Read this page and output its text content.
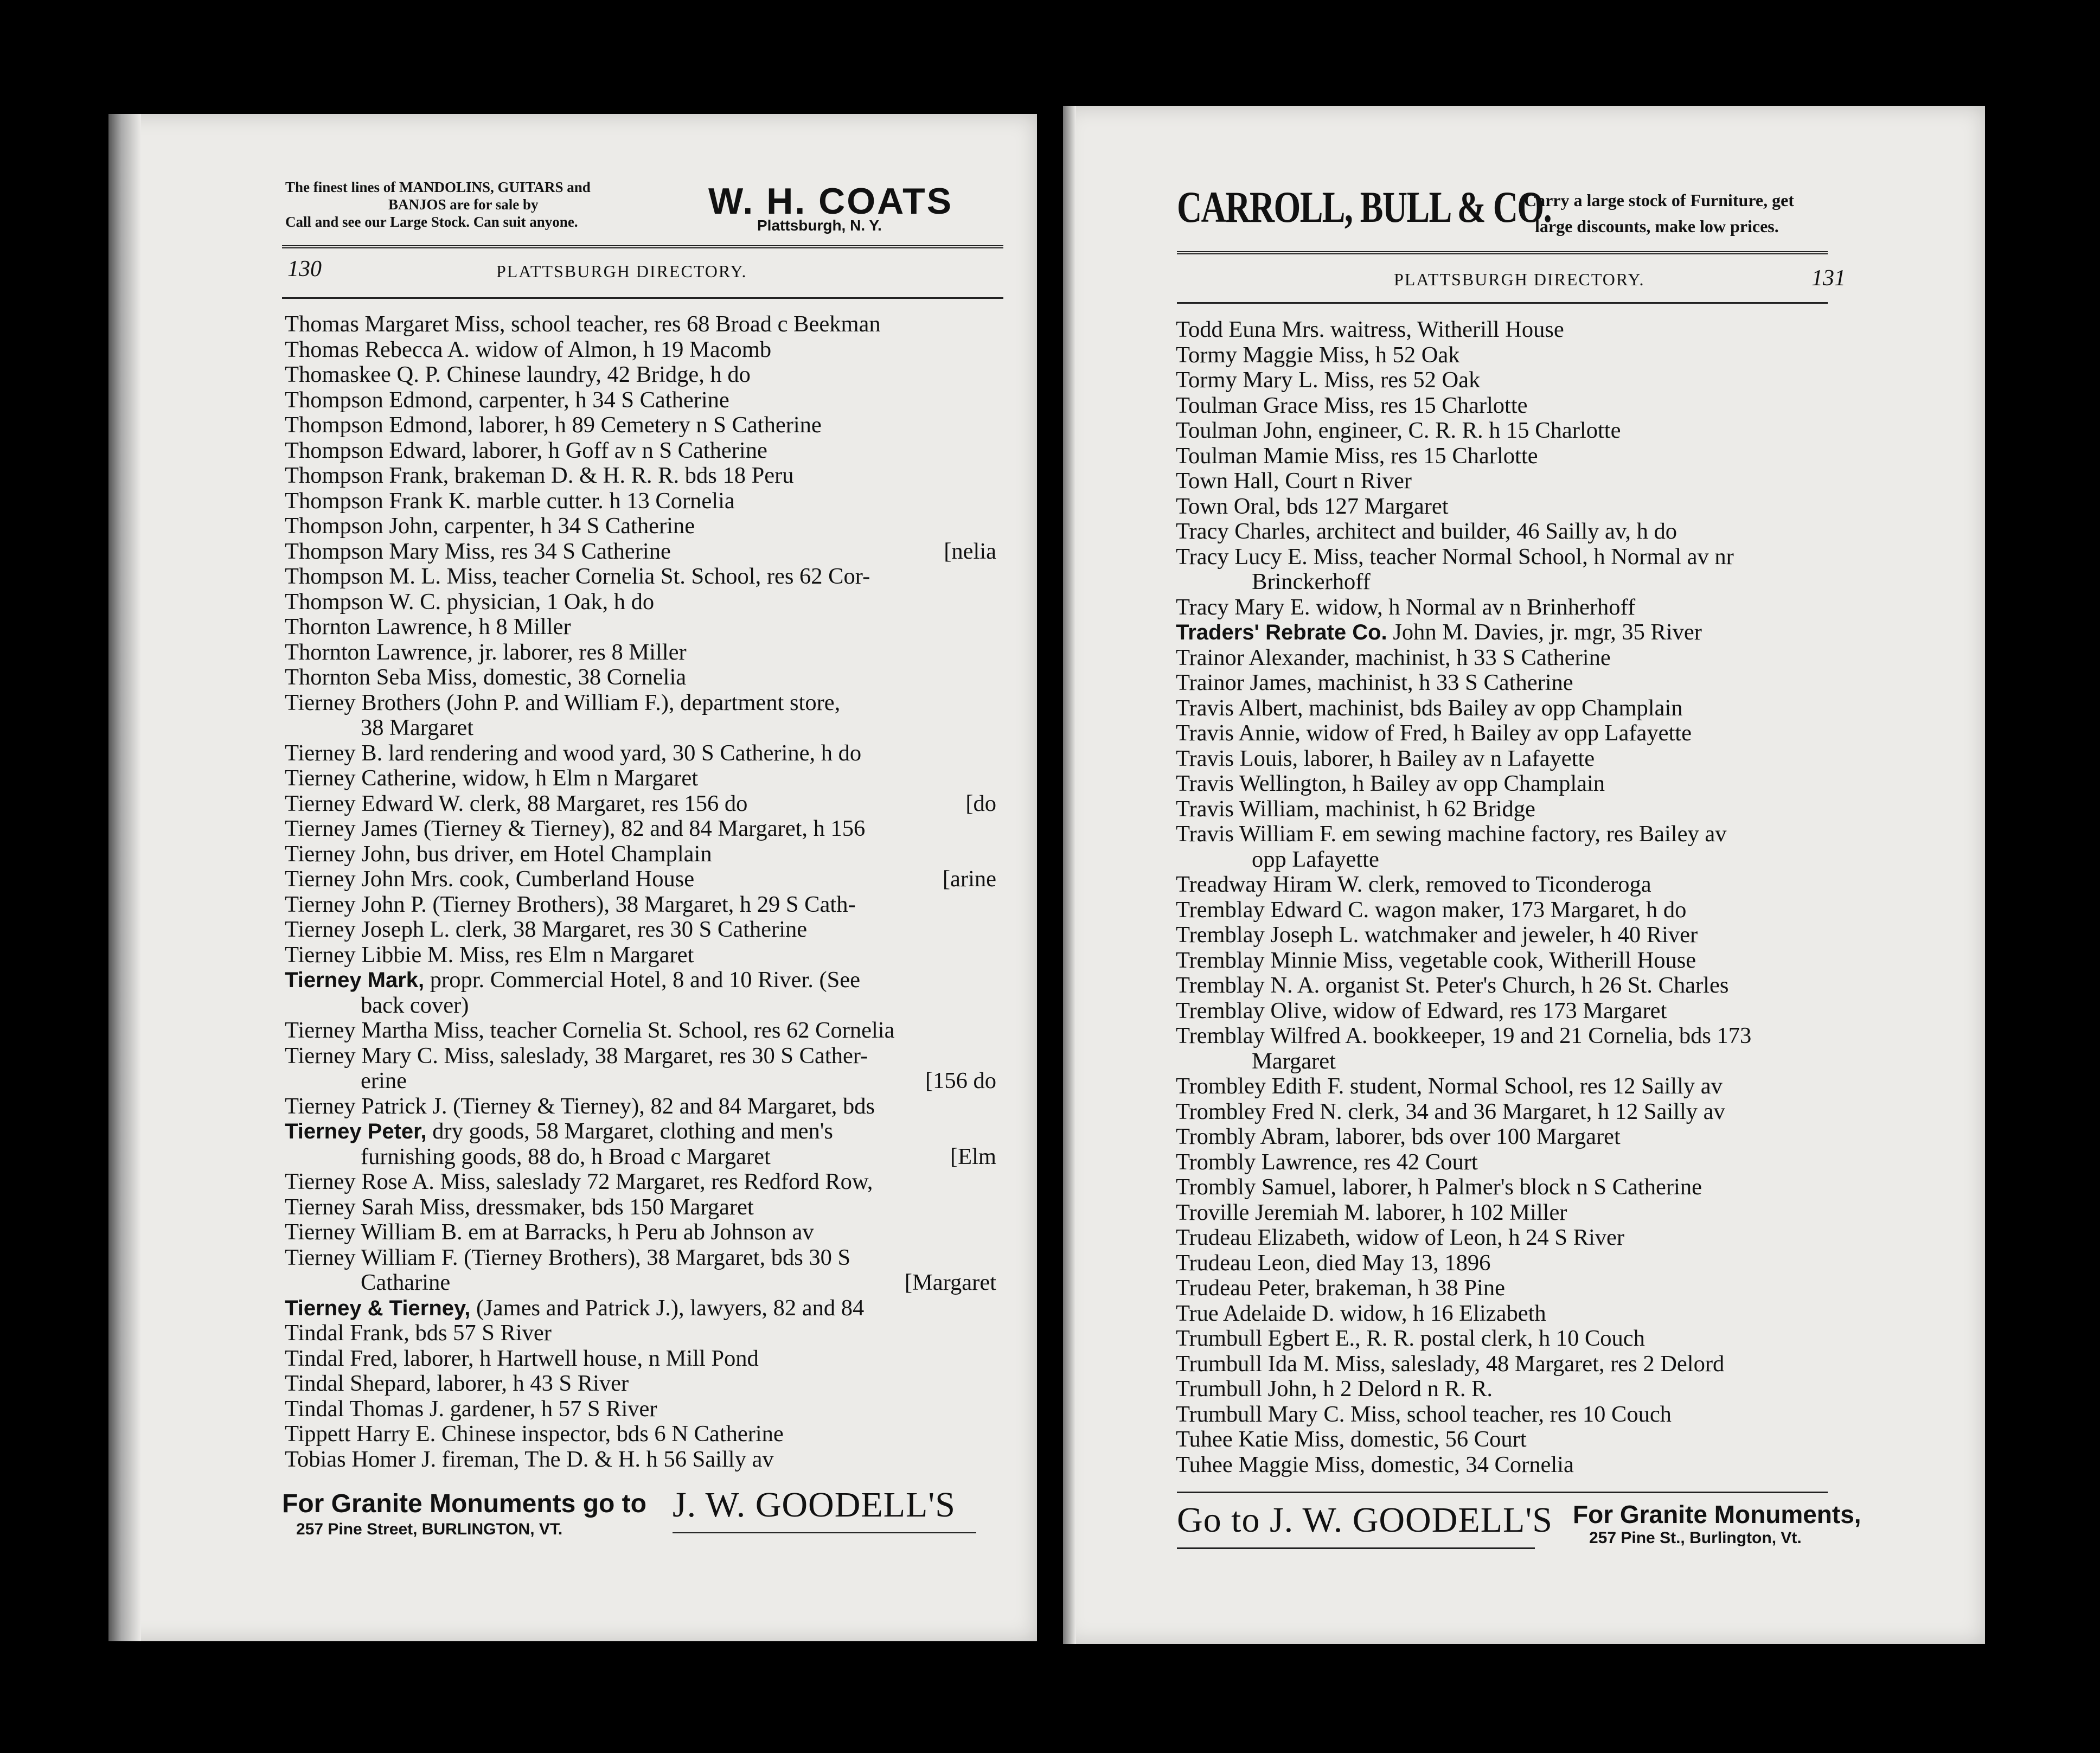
The finest lines of MANDOLINS, GUITARS and
BANJOS are for sale by
Call and see our Large Stock. Can suit anyone.	W. H. COATS
Plattsburgh, N. Y.
130	PLATTSBURGH DIRECTORY.
Thomas Margaret Miss, school teacher, res 68 Broad c Beekman
Thomas Rebecca A. widow of Almon, h 19 Macomb
Thomaskee Q. P. Chinese laundry, 42 Bridge, h do
Thompson Edmond, carpenter, h 34 S Catherine
Thompson Edmond, laborer, h 89 Cemetery n S Catherine
Thompson Edward, laborer, h Goff av n S Catherine
Thompson Frank, brakeman D. & H. R. R. bds 18 Peru
Thompson Frank K. marble cutter. h 13 Cornelia
Thompson John, carpenter, h 34 S Catherine
Thompson Mary Miss, res 34 S Catherine	[nelia
Thompson M. L. Miss, teacher Cornelia St. School, res 62 Cor-
Thompson W. C. physician, 1 Oak, h do
Thornton Lawrence, h 8 Miller
Thornton Lawrence, jr. laborer, res 8 Miller
Thornton Seba Miss, domestic, 38 Cornelia
Tierney Brothers (John P. and William F.), department store,
38 Margaret
Tierney B. lard rendering and wood yard, 30 S Catherine, h do
Tierney Catherine, widow, h Elm n Margaret
Tierney Edward W. clerk, 88 Margaret, res 156 do	[do
Tierney James (Tierney & Tierney), 82 and 84 Margaret, h 156
Tierney John, bus driver, em Hotel Champlain
Tierney John Mrs. cook, Cumberland House	[arine
Tierney John P. (Tierney Brothers), 38 Margaret, h 29 S Cath-
Tierney Joseph L. clerk, 38 Margaret, res 30 S Catherine
Tierney Libbie M. Miss, res Elm n Margaret
Tierney Mark, propr. Commercial Hotel, 8 and 10 River. (See
back cover)
Tierney Martha Miss, teacher Cornelia St. School, res 62 Cornelia
Tierney Mary C. Miss, saleslady, 38 Margaret, res 30 S Cather-
erine	[156 do
Tierney Patrick J. (Tierney & Tierney), 82 and 84 Margaret, bds
Tierney Peter, dry goods, 58 Margaret, clothing and men's
furnishing goods, 88 do, h Broad c Margaret	[Elm
Tierney Rose A. Miss, saleslady 72 Margaret, res Redford Row,
Tierney Sarah Miss, dressmaker, bds 150 Margaret
Tierney William B. em at Barracks, h Peru ab Johnson av
Tierney William F. (Tierney Brothers), 38 Margaret, bds 30 S
Catharine	[Margaret
Tierney & Tierney, (James and Patrick J.), lawyers, 82 and 84
Tindal Frank, bds 57 S River
Tindal Fred, laborer, h Hartwell house, n Mill Pond
Tindal Shepard, laborer, h 43 S River
Tindal Thomas J. gardener, h 57 S River
Tippett Harry E. Chinese inspector, bds 6 N Catherine
Tobias Homer J. fireman, The D. & H. h 56 Sailly av
For Granite Monuments go to
257 Pine Street, BURLINGTON, VT.
J. W. GOODELL'S
CARROLL, BULL & CO.
Carry a large stock of Furniture, get
large discounts, make low prices.
PLATTSBURGH DIRECTORY.	131
Todd Euna Mrs. waitress, Witherill House
Tormy Maggie Miss, h 52 Oak
Tormy Mary L. Miss, res 52 Oak
Toulman Grace Miss, res 15 Charlotte
Toulman John, engineer, C. R. R. h 15 Charlotte
Toulman Mamie Miss, res 15 Charlotte
Town Hall, Court n River
Town Oral, bds 127 Margaret
Tracy Charles, architect and builder, 46 Sailly av, h do
Tracy Lucy E. Miss, teacher Normal School, h Normal av nr
Brinckerhoff
Tracy Mary E. widow, h Normal av n Brinherhoff
Traders' Rebrate Co. John M. Davies, jr. mgr, 35 River
Trainor Alexander, machinist, h 33 S Catherine
Trainor James, machinist, h 33 S Catherine
Travis Albert, machinist, bds Bailey av opp Champlain
Travis Annie, widow of Fred, h Bailey av opp Lafayette
Travis Louis, laborer, h Bailey av n Lafayette
Travis Wellington, h Bailey av opp Champlain
Travis William, machinist, h 62 Bridge
Travis William F. em sewing machine factory, res Bailey av
opp Lafayette
Treadway Hiram W. clerk, removed to Ticonderoga
Tremblay Edward C. wagon maker, 173 Margaret, h do
Tremblay Joseph L. watchmaker and jeweler, h 40 River
Tremblay Minnie Miss, vegetable cook, Witherill House
Tremblay N. A. organist St. Peter's Church, h 26 St. Charles
Tremblay Olive, widow of Edward, res 173 Margaret
Tremblay Wilfred A. bookkeeper, 19 and 21 Cornelia, bds 173
Margaret
Trombley Edith F. student, Normal School, res 12 Sailly av
Trombley Fred N. clerk, 34 and 36 Margaret, h 12 Sailly av
Trombly Abram, laborer, bds over 100 Margaret
Trombly Lawrence, res 42 Court
Trombly Samuel, laborer, h Palmer's block n S Catherine
Troville Jeremiah M. laborer, h 102 Miller
Trudeau Elizabeth, widow of Leon, h 24 S River
Trudeau Leon, died May 13, 1896
Trudeau Peter, brakeman, h 38 Pine
True Adelaide D. widow, h 16 Elizabeth
Trumbull Egbert E., R. R. postal clerk, h 10 Couch
Trumbull Ida M. Miss, saleslady, 48 Margaret, res 2 Delord
Trumbull John, h 2 Delord n R. R.
Trumbull Mary C. Miss, school teacher, res 10 Couch
Tuhee Katie Miss, domestic, 56 Court
Tuhee Maggie Miss, domestic, 34 Cornelia
Go to J. W. GOODELL'S For Granite Monuments,
257 Pine St., Burlington, Vt.
